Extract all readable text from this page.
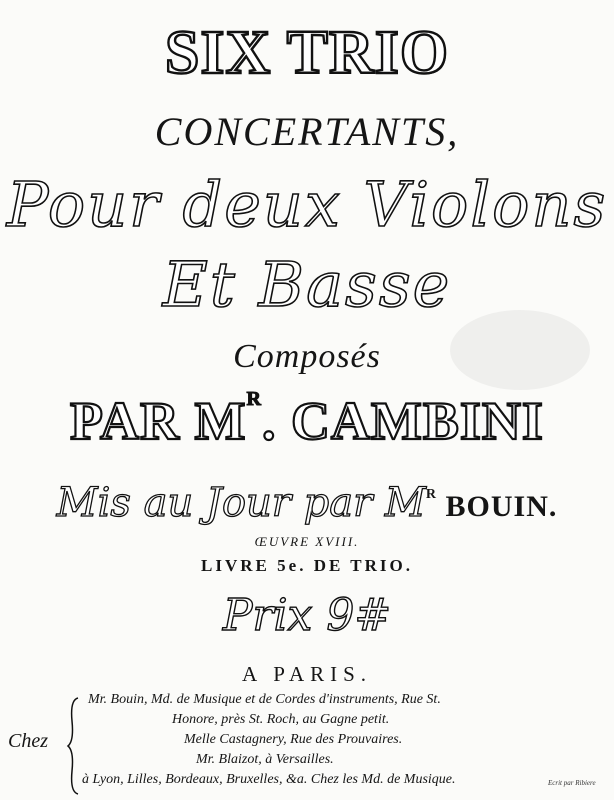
SIX TRIO
CONCERTANTS,
Pour deux Violons
Et Basse
Composés
PAR $M^R$. CAMBINI
Mis au Jour par $M^R$ BOUIN.
ŒUVRE XVIII.
LIVRE 5e. DE TRIO.
Prix 9#
A PARIS.
Chez
Mr. Bouin, Md. de Musique et de Cordes d'instruments, Rue St.
Honore, près St. Roch, au Gagne petit.
Melle Castagnery, Rue des Prouvaires.
Mr. Blaizot, à Versailles.
à Lyon, Lilles, Bordeaux, Bruxelles, &a. Chez les Md. de Musique.	Ecrit par Ribiere
